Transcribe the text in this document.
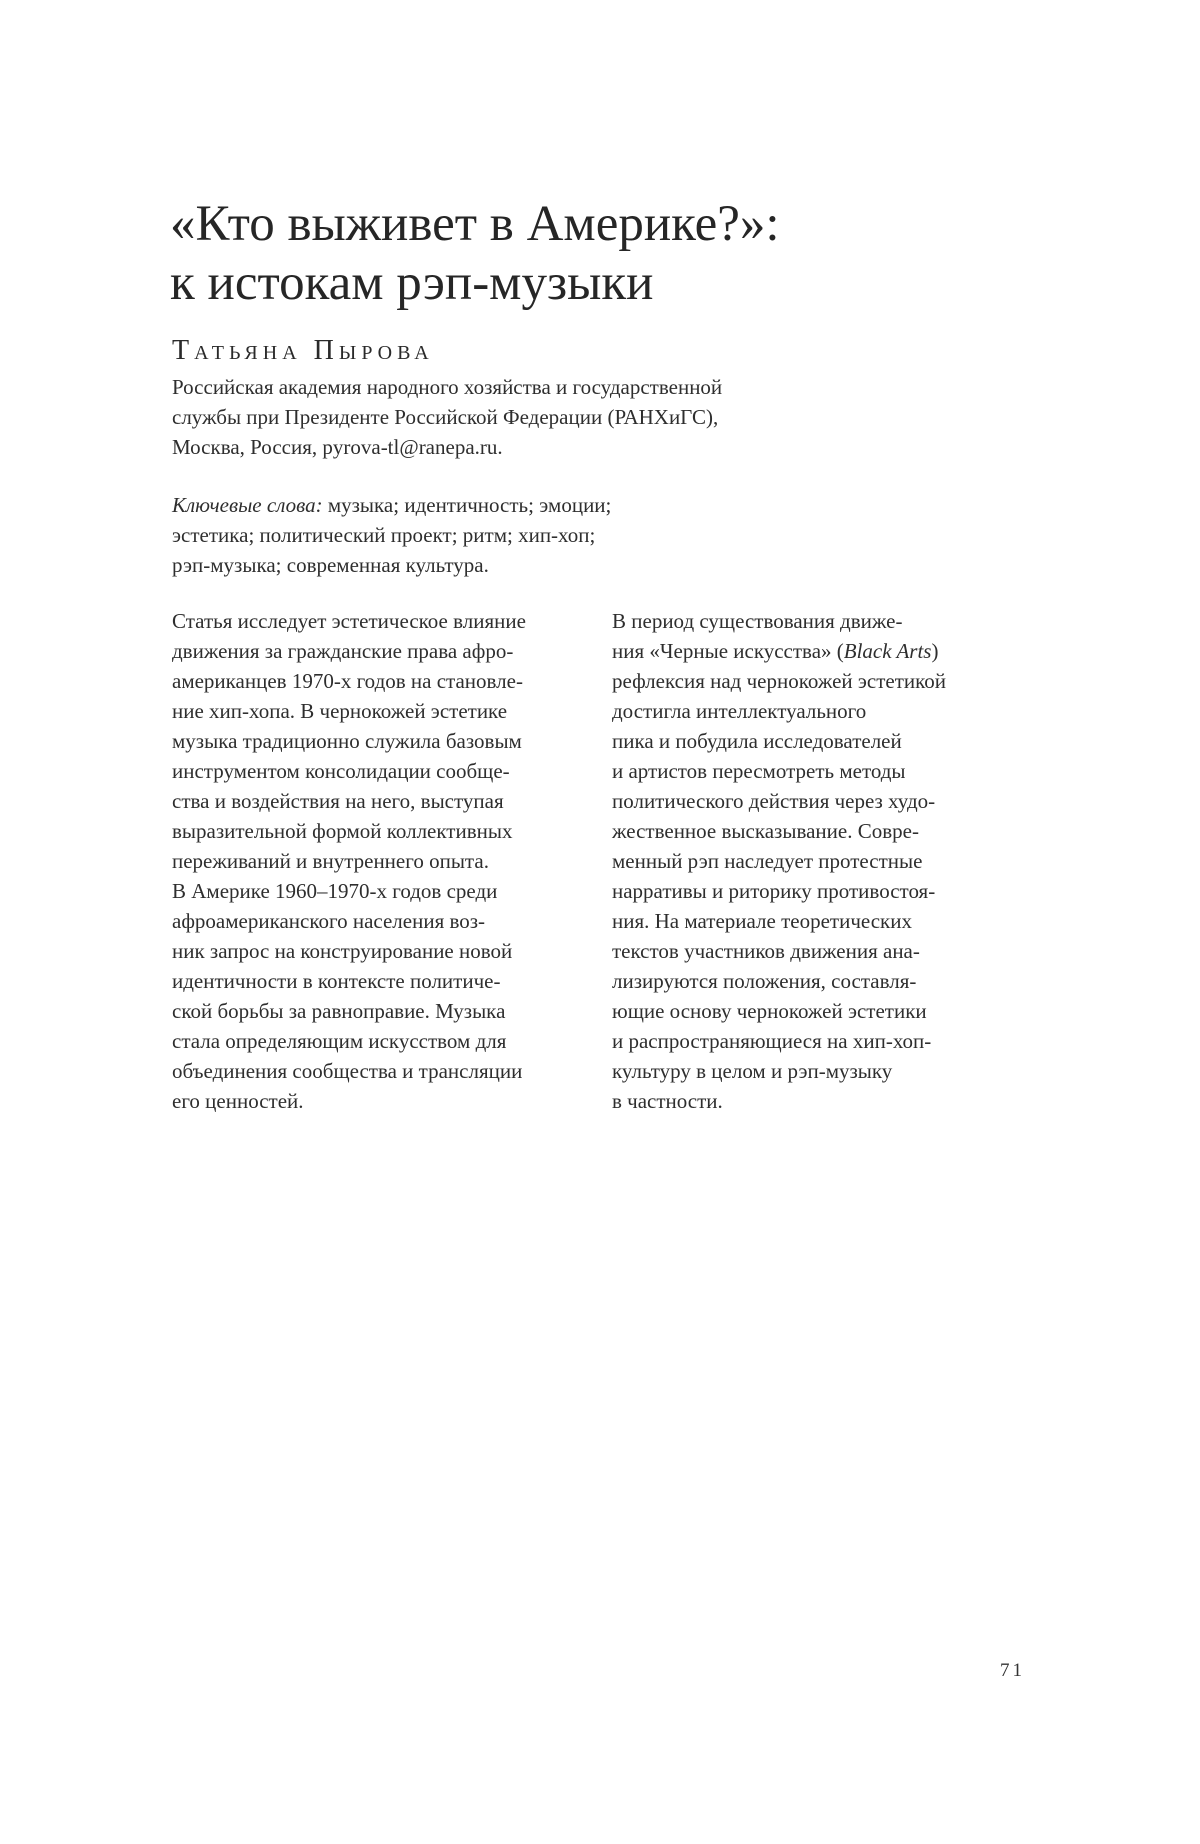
«Кто выживет в Америке?»:
к истокам рэп-музыки
Татьяна Пырова
Российская академия народного хозяйства и государственной
службы при Президенте Российской Федерации (РАНХиГС),
Москва, Россия, pyrova-tl@ranepa.ru.
Ключевые слова: музыка; идентичность; эмоции;
эстетика; политический проект; ритм; хип-хоп;
рэп-музыка; современная культура.
Статья исследует эстетическое влияние
движения за гражданские права афро-
американцев 1970-х годов на становле-
ние хип-хопа. В чернокожей эстетике
музыка традиционно служила базовым
инструментом консолидации сообще-
ства и воздействия на него, выступая
выразительной формой коллективных
переживаний и внутреннего опыта.
В Америке 1960–1970-х годов среди
афроамериканского населения воз-
ник запрос на конструирование новой
идентичности в контексте политиче-
ской борьбы за равноправие. Музыка
стала определяющим искусством для
объединения сообщества и трансляции
его ценностей.
В период существования движе-
ния «Черные искусства» (Black Arts)
рефлексия над чернокожей эстетикой
достигла интеллектуального
пика и побудила исследователей
и артистов пересмотреть методы
политического действия через худо-
жественное высказывание. Совре-
менный рэп наследует протестные
нарративы и риторику противостоя-
ния. На материале теоретических
текстов участников движения ана-
лизируются положения, составля-
ющие основу чернокожей эстетики
и распространяющиеся на хип-хоп-
культуру в целом и рэп-музыку
в частности.
71
